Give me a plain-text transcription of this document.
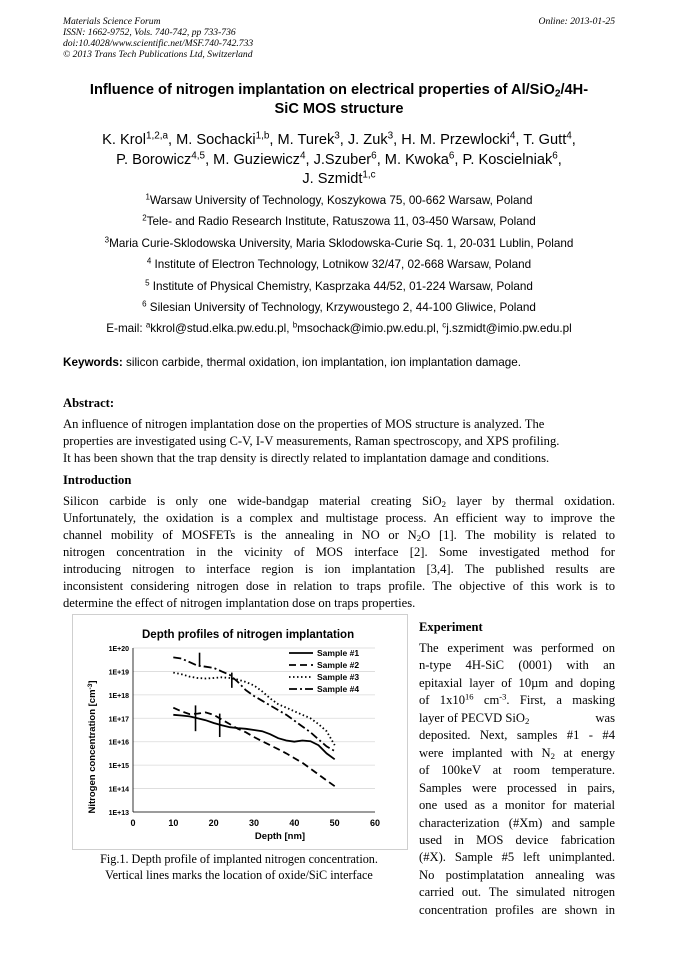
Materials Science Forum
ISSN: 1662-9752, Vols. 740-742, pp 733-736
doi:10.4028/www.scientific.net/MSF.740-742.733
© 2013 Trans Tech Publications Ltd, Switzerland
Online: 2013-01-25
Influence of nitrogen implantation on electrical properties of Al/SiO$_2$/4H-
SiC MOS structure
K. Krol$^{1,2,a}$, M. Sochacki$^{1,b}$, M. Turek$^3$, J. Zuk$^3$, H. M. Przewlocki$^4$, T. Gutt$^4$,
P. Borowicz$^{4,5}$, M. Guziewicz$^4$, J.Szuber$^6$, M. Kwoka$^6$, P. Koscielniak$^6$,
J. Szmidt$^{1,c}$
$^1$Warsaw University of Technology, Koszykowa 75, 00-662 Warsaw, Poland
$^2$Tele- and Radio Research Institute, Ratuszowa 11, 03-450 Warsaw, Poland
$^3$Maria Curie-Sklodowska University, Maria Sklodowska-Curie Sq. 1, 20-031 Lublin, Poland
$^4$ Institute of Electron Technology, Lotnikow 32/47, 02-668 Warsaw, Poland
$^5$ Institute of Physical Chemistry, Kasprzaka 44/52, 01-224 Warsaw, Poland
$^6$ Silesian University of Technology, Krzywoustego 2, 44-100 Gliwice, Poland
E-mail: $^a$kkrol@stud.elka.pw.edu.pl, $^b$msochack@imio.pw.edu.pl, $^c$j.szmidt@imio.pw.edu.pl
Keywords: silicon carbide, thermal oxidation, ion implantation, ion implantation damage.
Abstract:
An influence of nitrogen implantation dose on the properties of MOS structure is analyzed. The
properties are investigated using C-V, I-V measurements, Raman spectroscopy, and XPS profiling.
It has been shown that the trap density is directly related to implantation damage and conditions.
Introduction
Silicon carbide is only one wide-bandgap material creating SiO$_2$ layer by thermal oxidation.
Unfortunately, the oxidation is a complex and multistage process. An efficient way to improve the
channel mobility of MOSFETs is the annealing in NO or $N_2O$ [1]. The mobility is related to
nitrogen concentration in the vicinity of MOS interface [2]. Some investigated method for
introducing nitrogen to interface region is ion implantation [3,4]. The published results are
inconsistent considering nitrogen dose in relation to traps profile. The objective of this work is to
determine the effect of nitrogen implantation dose on traps properties.
Depth profiles of nitrogen implantation
1E+13
1E+14
1E+15
1E+16
1E+17
1E+18
1E+19
1E+20
0	10	20	30	40	50	60
Sample #1
Sample #2
Sample #3
Sample #4
Depth [nm]
Nitrogen concentration $[cm^{-3}]$
Fig.1. Depth profile of implanted nitrogen concentration.
Vertical lines marks the location of oxide/SiC interface
Experiment
The experiment was performed on
n-type 4H-SiC (0001) with an
epitaxial layer of 10µm and doping
of $1x10^{16}$ $cm^{-3}$. First, a masking
layer of PECVD SiO$_2$	was
deposited. Next, samples #1 - #4
were implanted with $N_2$ at energy
of 100keV at room temperature.
Samples were processed in pairs,
one used as a monitor for material
characterization (#Xm) and sample
used in MOS device fabrication
(#X). Sample #5 left unimplanted.
No postimplatation annealing was
carried out. The simulated nitrogen
concentration profiles are shown in
